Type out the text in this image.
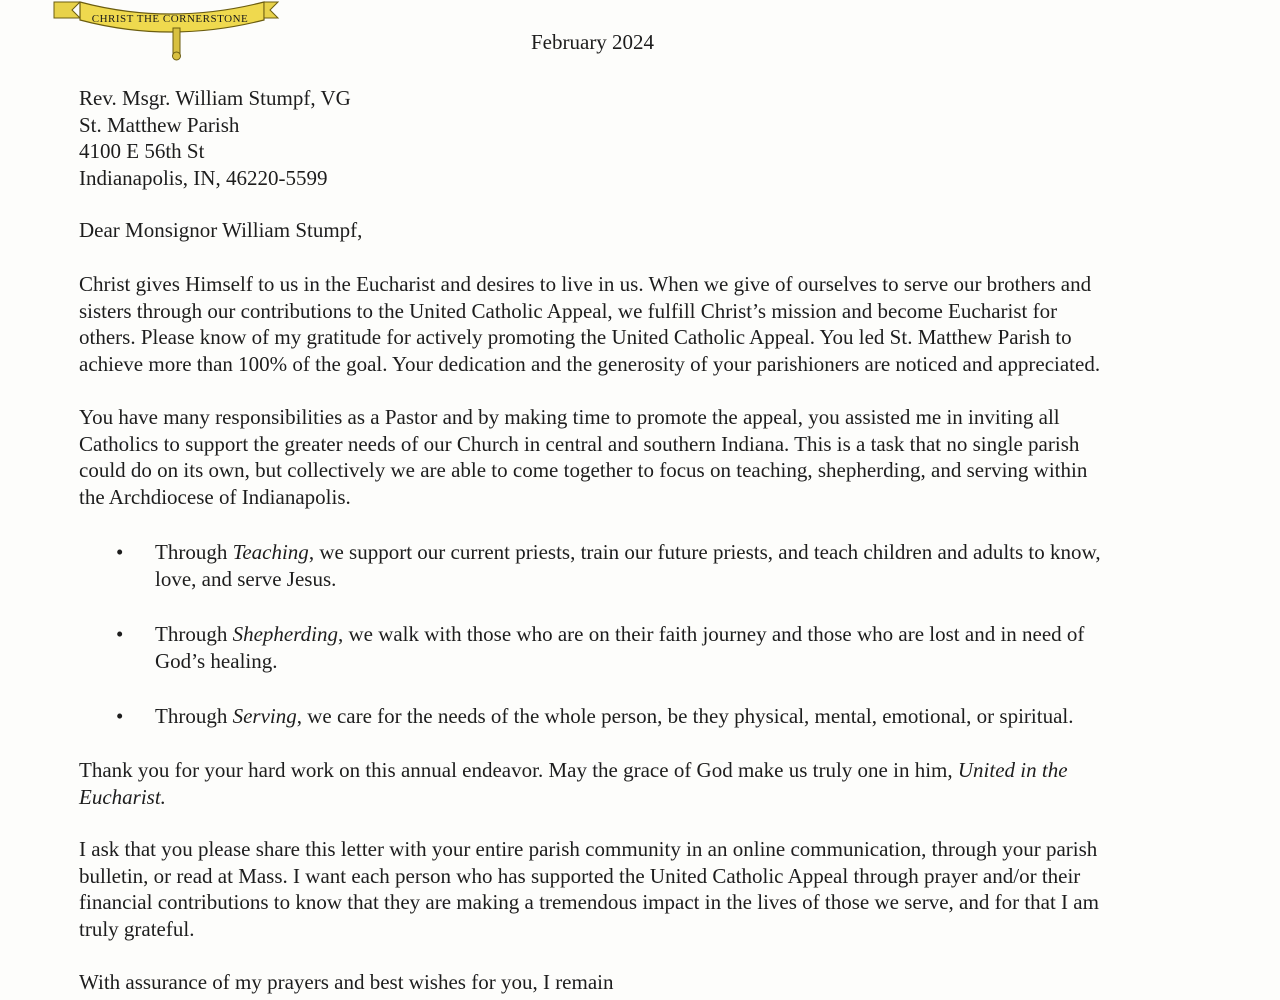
CHRIST THE CORNERSTONE
February 2024
Rev. Msgr. William Stumpf, VG
St. Matthew Parish
4100 E 56th St
Indianapolis, IN, 46220-5599
Dear Monsignor William Stumpf,
Christ gives Himself to us in the Eucharist and desires to live in us. When we give of ourselves to serve our brothers and
sisters through our contributions to the United Catholic Appeal, we fulfill Christ’s mission and become Eucharist for
others. Please know of my gratitude for actively promoting the United Catholic Appeal. You led St. Matthew Parish to
achieve more than 100% of the goal. Your dedication and the generosity of your parishioners are noticed and appreciated.
You have many responsibilities as a Pastor and by making time to promote the appeal, you assisted me in inviting all
Catholics to support the greater needs of our Church in central and southern Indiana. This is a task that no single parish
could do on its own, but collectively we are able to come together to focus on teaching, shepherding, and serving within
the Archdiocese of Indianapolis.
• Through Teaching, we support our current priests, train our future priests, and teach children and adults to know,
love, and serve Jesus.
• Through Shepherding, we walk with those who are on their faith journey and those who are lost and in need of
God’s healing.
• Through Serving, we care for the needs of the whole person, be they physical, mental, emotional, or spiritual.
Thank you for your hard work on this annual endeavor. May the grace of God make us truly one in him, United in the
Eucharist.
I ask that you please share this letter with your entire parish community in an online communication, through your parish
bulletin, or read at Mass. I want each person who has supported the United Catholic Appeal through prayer and/or their
financial contributions to know that they are making a tremendous impact in the lives of those we serve, and for that I am
truly grateful.
With assurance of my prayers and best wishes for you, I remain
